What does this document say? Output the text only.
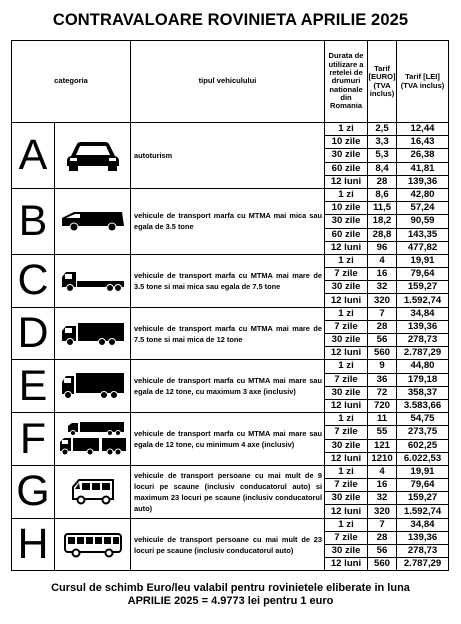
CONTRAVALOARE ROVINIETA APRILIE 2025
categoria		tipul vehiculului	Durata de utilizare a retelei de drumuri nationale din Romania	Tarif [EURO] (TVA inclus)	Tarif [LEI] (TVA inclus)
A		autoturism	1 zi	2,5	12,44
			10 zile	3,3	16,43
			30 zile	5,3	26,38
			60 zile	8,4	41,81
			12 luni	28	139,36
B		vehicule de transport marfa cu MTMA mai mica sau egala de 3.5 tone	1 zi	8,6	42,80
			10 zile	11,5	57,24
			30 zile	18,2	90,59
			60 zile	28,8	143,35
			12 luni	96	477,82
C		vehicule de transport marfa cu MTMA mai mare de 3.5 tone si mai mica sau egala de 7.5 tone	1 zi	4	19,91
			7 zile	16	79,64
			30 zile	32	159,27
			12 luni	320	1.592,74
D		vehicule de transport marfa cu MTMA mai mare de 7.5 tone si mai mica de 12 tone	1 zi	7	34,84
			7 zile	28	139,36
			30 zile	56	278,73
			12 luni	560	2.787,29
E		vehicule de transport marfa cu MTMA mai mare sau egala de 12 tone, cu maximum 3 axe (inclusiv)	1 zi	9	44,80
			7 zile	36	179,18
			30 zile	72	358,37
			12 luni	720	3.583,66
F		vehicule de transport marfa cu MTMA mai mare sau egala de 12 tone, cu minimum 4 axe (inclusiv)	1 zi	11	54,75
			7 zile	55	273,75
			30 zile	121	602,25
			12 luni	1210	6.022,53
G		vehicule de transport persoane cu mai mult de 9 locuri pe scaune (inclusiv conducatorul auto) si maximum 23 locuri pe scaune (inclusiv conducatorul auto)	1 zi	4	19,91
			7 zile	16	79,64
			30 zile	32	159,27
			12 luni	320	1.592,74
H		vehicule de transport persoane cu mai mult de 23 locuri pe scaune (inclusiv conducatorul auto)	1 zi	7	34,84
			7 zile	28	139,36
			30 zile	56	278,73
			12 luni	560	2.787,29
Cursul de schimb Euro/leu valabil pentru rovinietele eliberate in luna
APRILIE 2025 = 4.9773 lei pentru 1 euro
